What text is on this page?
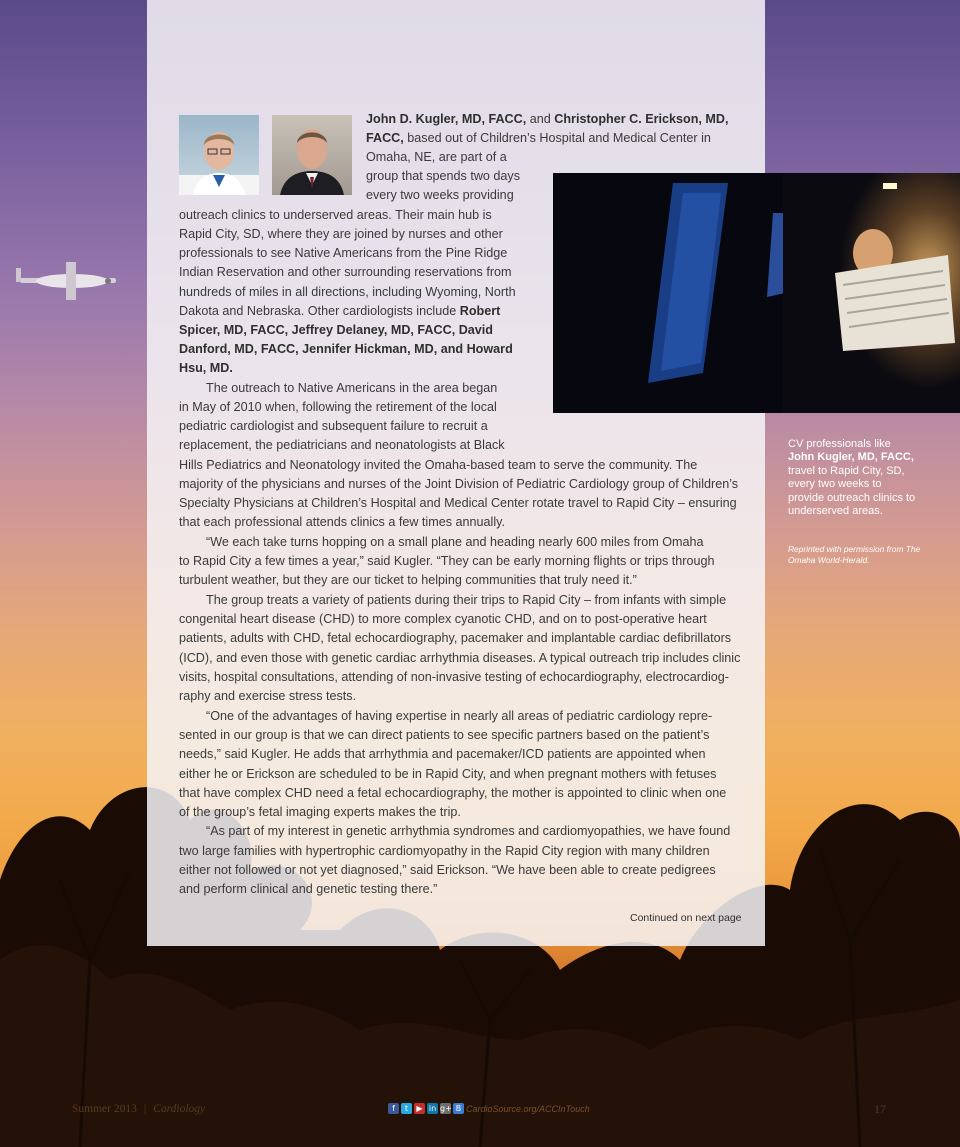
John D. Kugler, MD, FACC, and Christopher C. Erickson, MD,
FACC, based out of Children’s Hospital and Medical Center in
Omaha, NE, are part of a
group that spends two days
every two weeks providing
outreach clinics to underserved areas. Their main hub is
Rapid City, SD, where they are joined by nurses and other
professionals to see Native Americans from the Pine Ridge
Indian Reservation and other surrounding reservations from
hundreds of miles in all directions, including Wyoming, North
Dakota and Nebraska. Other cardiologists include Robert
Spicer, MD, FACC, Jeffrey Delaney, MD, FACC, David
Danford, MD, FACC, Jennifer Hickman, MD, and Howard
Hsu, MD.
The outreach to Native Americans in the area began
in May of 2010 when, following the retirement of the local
pediatric cardiologist and subsequent failure to recruit a
replacement, the pediatricians and neonatologists at Black
Hills Pediatrics and Neonatology invited the Omaha-based team to serve the community. The
majority of the physicians and nurses of the Joint Division of Pediatric Cardiology group of Children’s
Specialty Physicians at Children’s Hospital and Medical Center rotate travel to Rapid City – ensuring
that each professional attends clinics a few times annually.
“We each take turns hopping on a small plane and heading nearly 600 miles from Omaha
to Rapid City a few times a year,” said Kugler. “They can be early morning flights or trips through
turbulent weather, but they are our ticket to helping communities that truly need it.”
The group treats a variety of patients during their trips to Rapid City – from infants with simple
congenital heart disease (CHD) to more complex cyanotic CHD, and on to post-operative heart
patients, adults with CHD, fetal echocardiography, pacemaker and implantable cardiac defibrillators
(ICD), and even those with genetic cardiac arrhythmia diseases. A typical outreach trip includes clinic
visits, hospital consultations, attending of non-invasive testing of echocardiography, electrocardiog-
raphy and exercise stress tests.
“One of the advantages of having expertise in nearly all areas of pediatric cardiology repre-
sented in our group is that we can direct patients to see specific partners based on the patient’s
needs,” said Kugler. He adds that arrhythmia and pacemaker/ICD patients are appointed when
either he or Erickson are scheduled to be in Rapid City, and when pregnant mothers with fetuses
that have complex CHD need a fetal echocardiography, the mother is appointed to clinic when one
of the group’s fetal imaging experts makes the trip.
“As part of my interest in genetic arrhythmia syndromes and cardiomyopathies, we have found
two large families with hypertrophic cardiomyopathy in the Rapid City region with many children
either not followed or not yet diagnosed,” said Erickson. “We have been able to create pedigrees
and perform clinical and genetic testing there.”
CV professionals like John Kugler, MD, FACC, travel to Rapid City, SD, every two weeks to provide outreach clinics to underserved areas.
Reprinted with permission from The Omaha World-Herald.
Continued on next page
Summer 2013 | Cardiology	f	t	▶ in g+ B CardioSource.org/ACCInTouch	17
